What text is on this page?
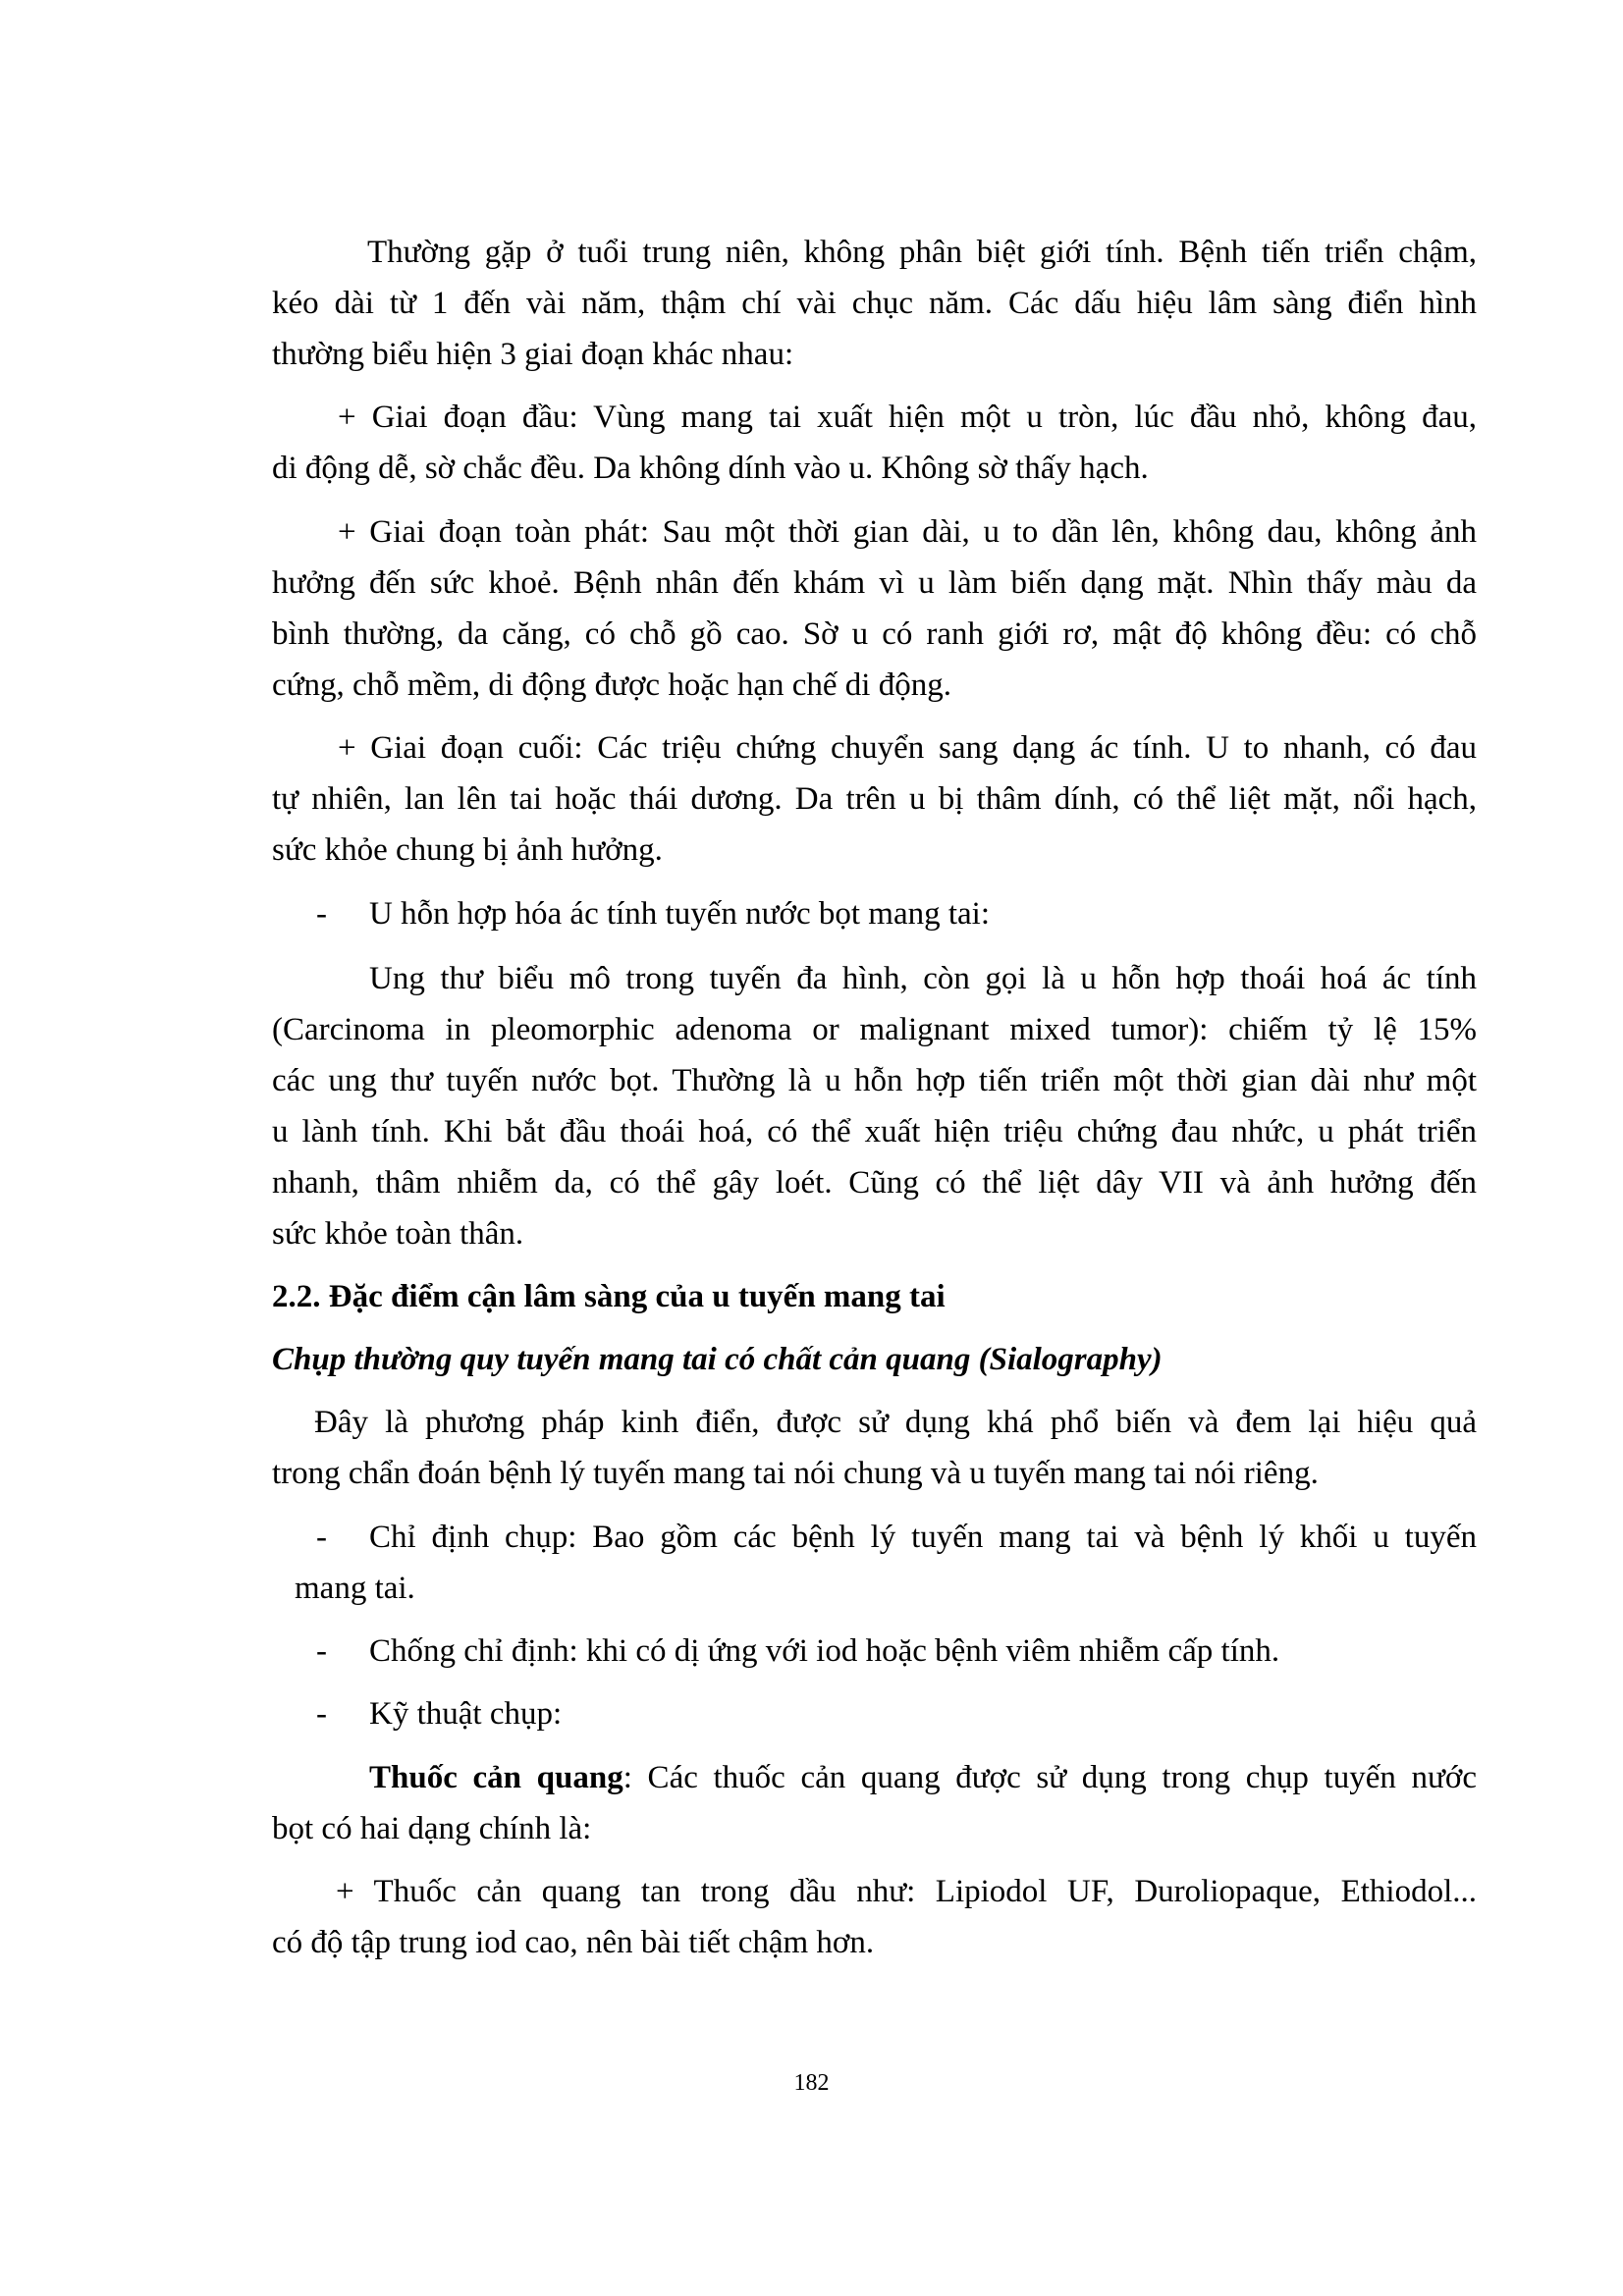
Thường gặp ở tuổi trung niên, không phân biệt giới tính. Bệnh tiến triển chậm,

kéo dài từ 1 đến vài năm, thậm chí vài chục năm. Các dấu hiệu lâm sàng điển hình

thường biểu hiện 3 giai đoạn khác nhau:

+ Giai đoạn đầu: Vùng mang tai xuất hiện một u tròn, lúc đầu nhỏ, không đau,

di động dễ, sờ chắc đều. Da không dính vào u. Không sờ thấy hạch.

+ Giai đoạn toàn phát: Sau một thời gian dài, u to dần lên, không dau, không ảnh

hưởng đến sức khoẻ. Bệnh nhân đến khám vì u làm biến dạng mặt. Nhìn thấy màu da

bình thường, da căng, có chỗ gồ cao. Sờ u có ranh giới rơ, mật độ không đều: có chỗ

cứng, chỗ mềm, di động được hoặc hạn chế di động.

+ Giai đoạn cuối: Các triệu chứng chuyển sang dạng ác tính. U to nhanh, có đau

tự nhiên, lan lên tai hoặc thái dương. Da trên u bị thâm dính, có thể liệt mặt, nổi hạch,

sức khỏe chung bị ảnh hưởng.

- U hỗn hợp hóa ác tính tuyến nước bọt mang tai:

Ung thư biểu mô trong tuyến đa hình, còn gọi là u hỗn hợp thoái hoá ác tính

(Carcinoma in pleomorphic adenoma or malignant mixed tumor): chiếm tỷ lệ 15%

các ung thư tuyến nước bọt. Thường là u hỗn hợp tiến triển một thời gian dài như một

u lành tính. Khi bắt đầu thoái hoá, có thể xuất hiện triệu chứng đau nhức, u phát triển

nhanh, thâm nhiễm da, có thể gây loét. Cũng có thể liệt dây VII và ảnh hưởng đến

sức khỏe toàn thân.

2.2. Đặc điểm cận lâm sàng của u tuyến mang tai

Chụp thường quy tuyến mang tai có chất cản quang (Sialography)

Đây là phương pháp kinh điển, được sử dụng khá phổ biến và đem lại hiệu quả

trong chẩn đoán bệnh lý tuyến mang tai nói chung và u tuyến mang tai nói riêng.

- Chỉ định chụp: Bao gồm các bệnh lý tuyến mang tai và bệnh lý khối u tuyến

mang tai.

- Chống chỉ định: khi có dị ứng với iod hoặc bệnh viêm nhiễm cấp tính.

- Kỹ thuật chụp:

Thuốc cản quang: Các thuốc cản quang được sử dụng trong chụp tuyến nước

bọt có hai dạng chính là:

+ Thuốc cản quang tan trong dầu như: Lipiodol UF, Duroliopaque, Ethiodol...

có độ tập trung iod cao, nên bài tiết chậm hơn.

182
